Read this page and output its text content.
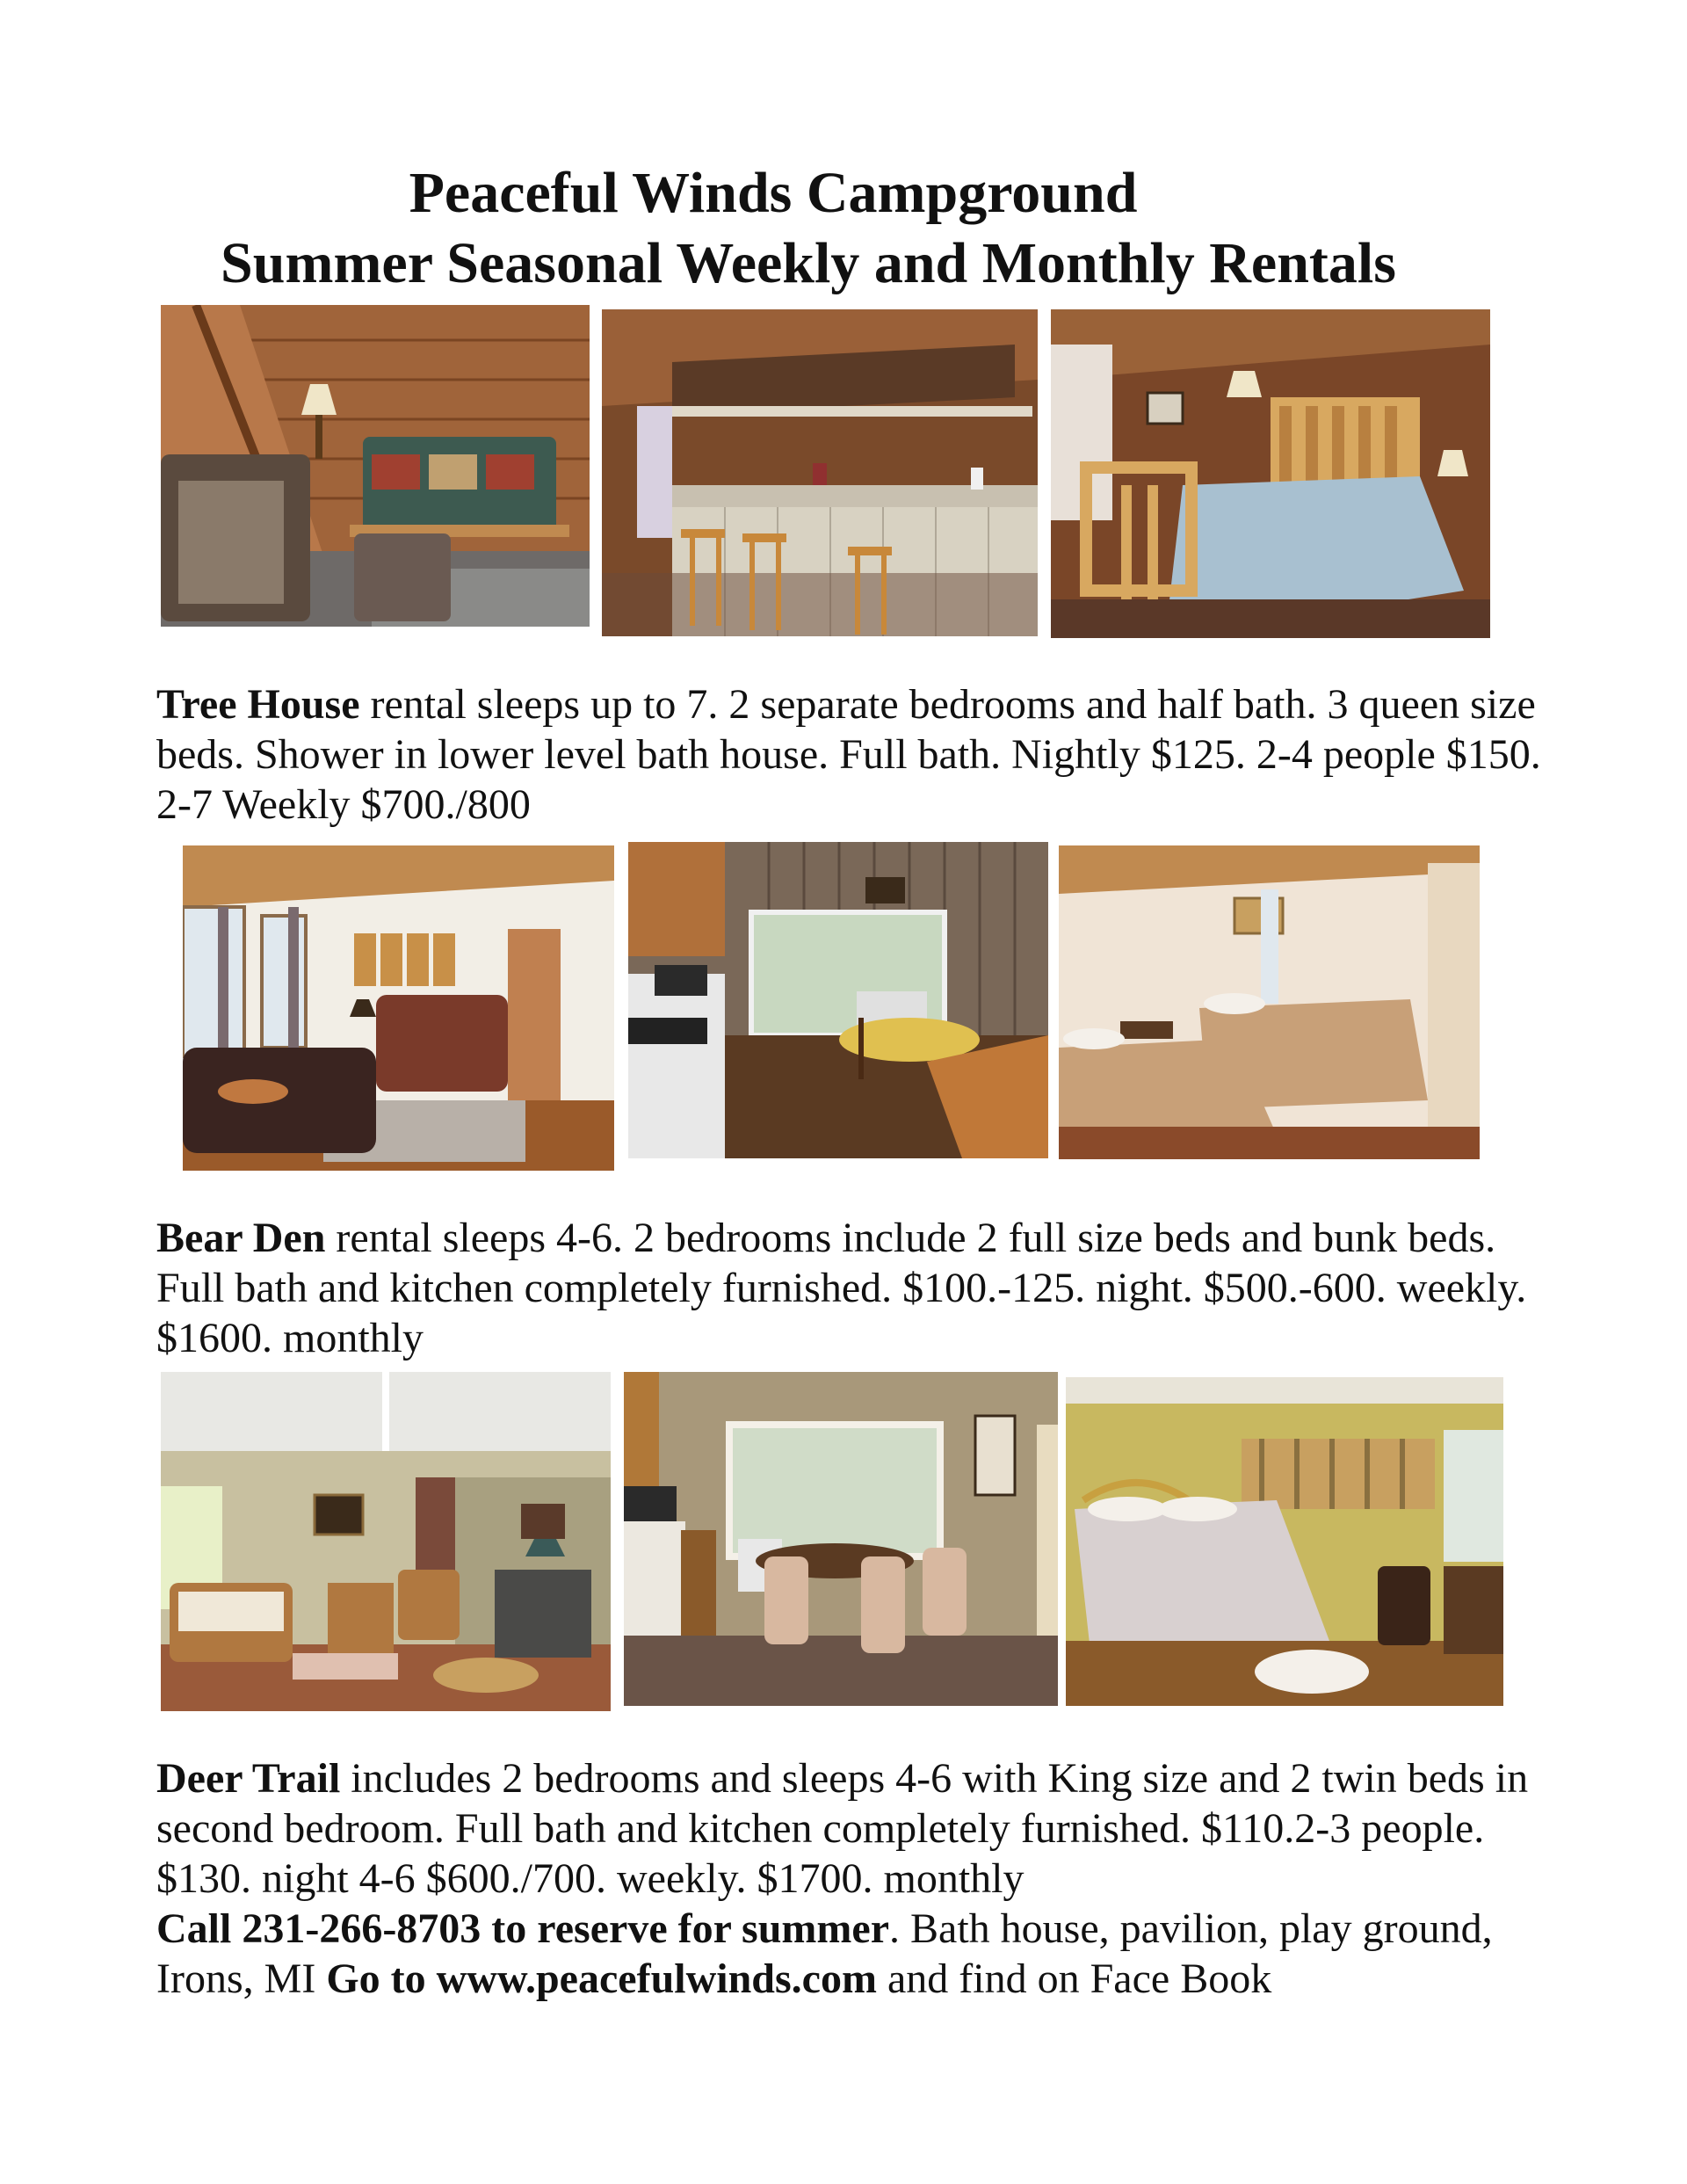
Peaceful Winds Campground
Summer Seasonal Weekly and Monthly Rentals
Tree House rental sleeps up to 7. 2 separate bedrooms and half bath. 3 queen size beds. Shower in lower level bath house. Full bath. Nightly $125. 2-4 people $150. 2-7 Weekly $700./800
Bear Den rental sleeps 4-6. 2 bedrooms include 2 full size beds and bunk beds. Full bath and kitchen completely furnished. $100.-125. night. $500.-600. weekly. $1600. monthly
Deer Trail includes 2 bedrooms and sleeps 4-6 with King size and 2 twin beds in second bedroom. Full bath and kitchen completely furnished. $110.2-3 people. $130. night 4-6 $600./700. weekly. $1700. monthly
Call 231-266-8703 to reserve for summer. Bath house, pavilion, play ground, Irons, MI Go to www.peacefulwinds.com and find on Face Book
